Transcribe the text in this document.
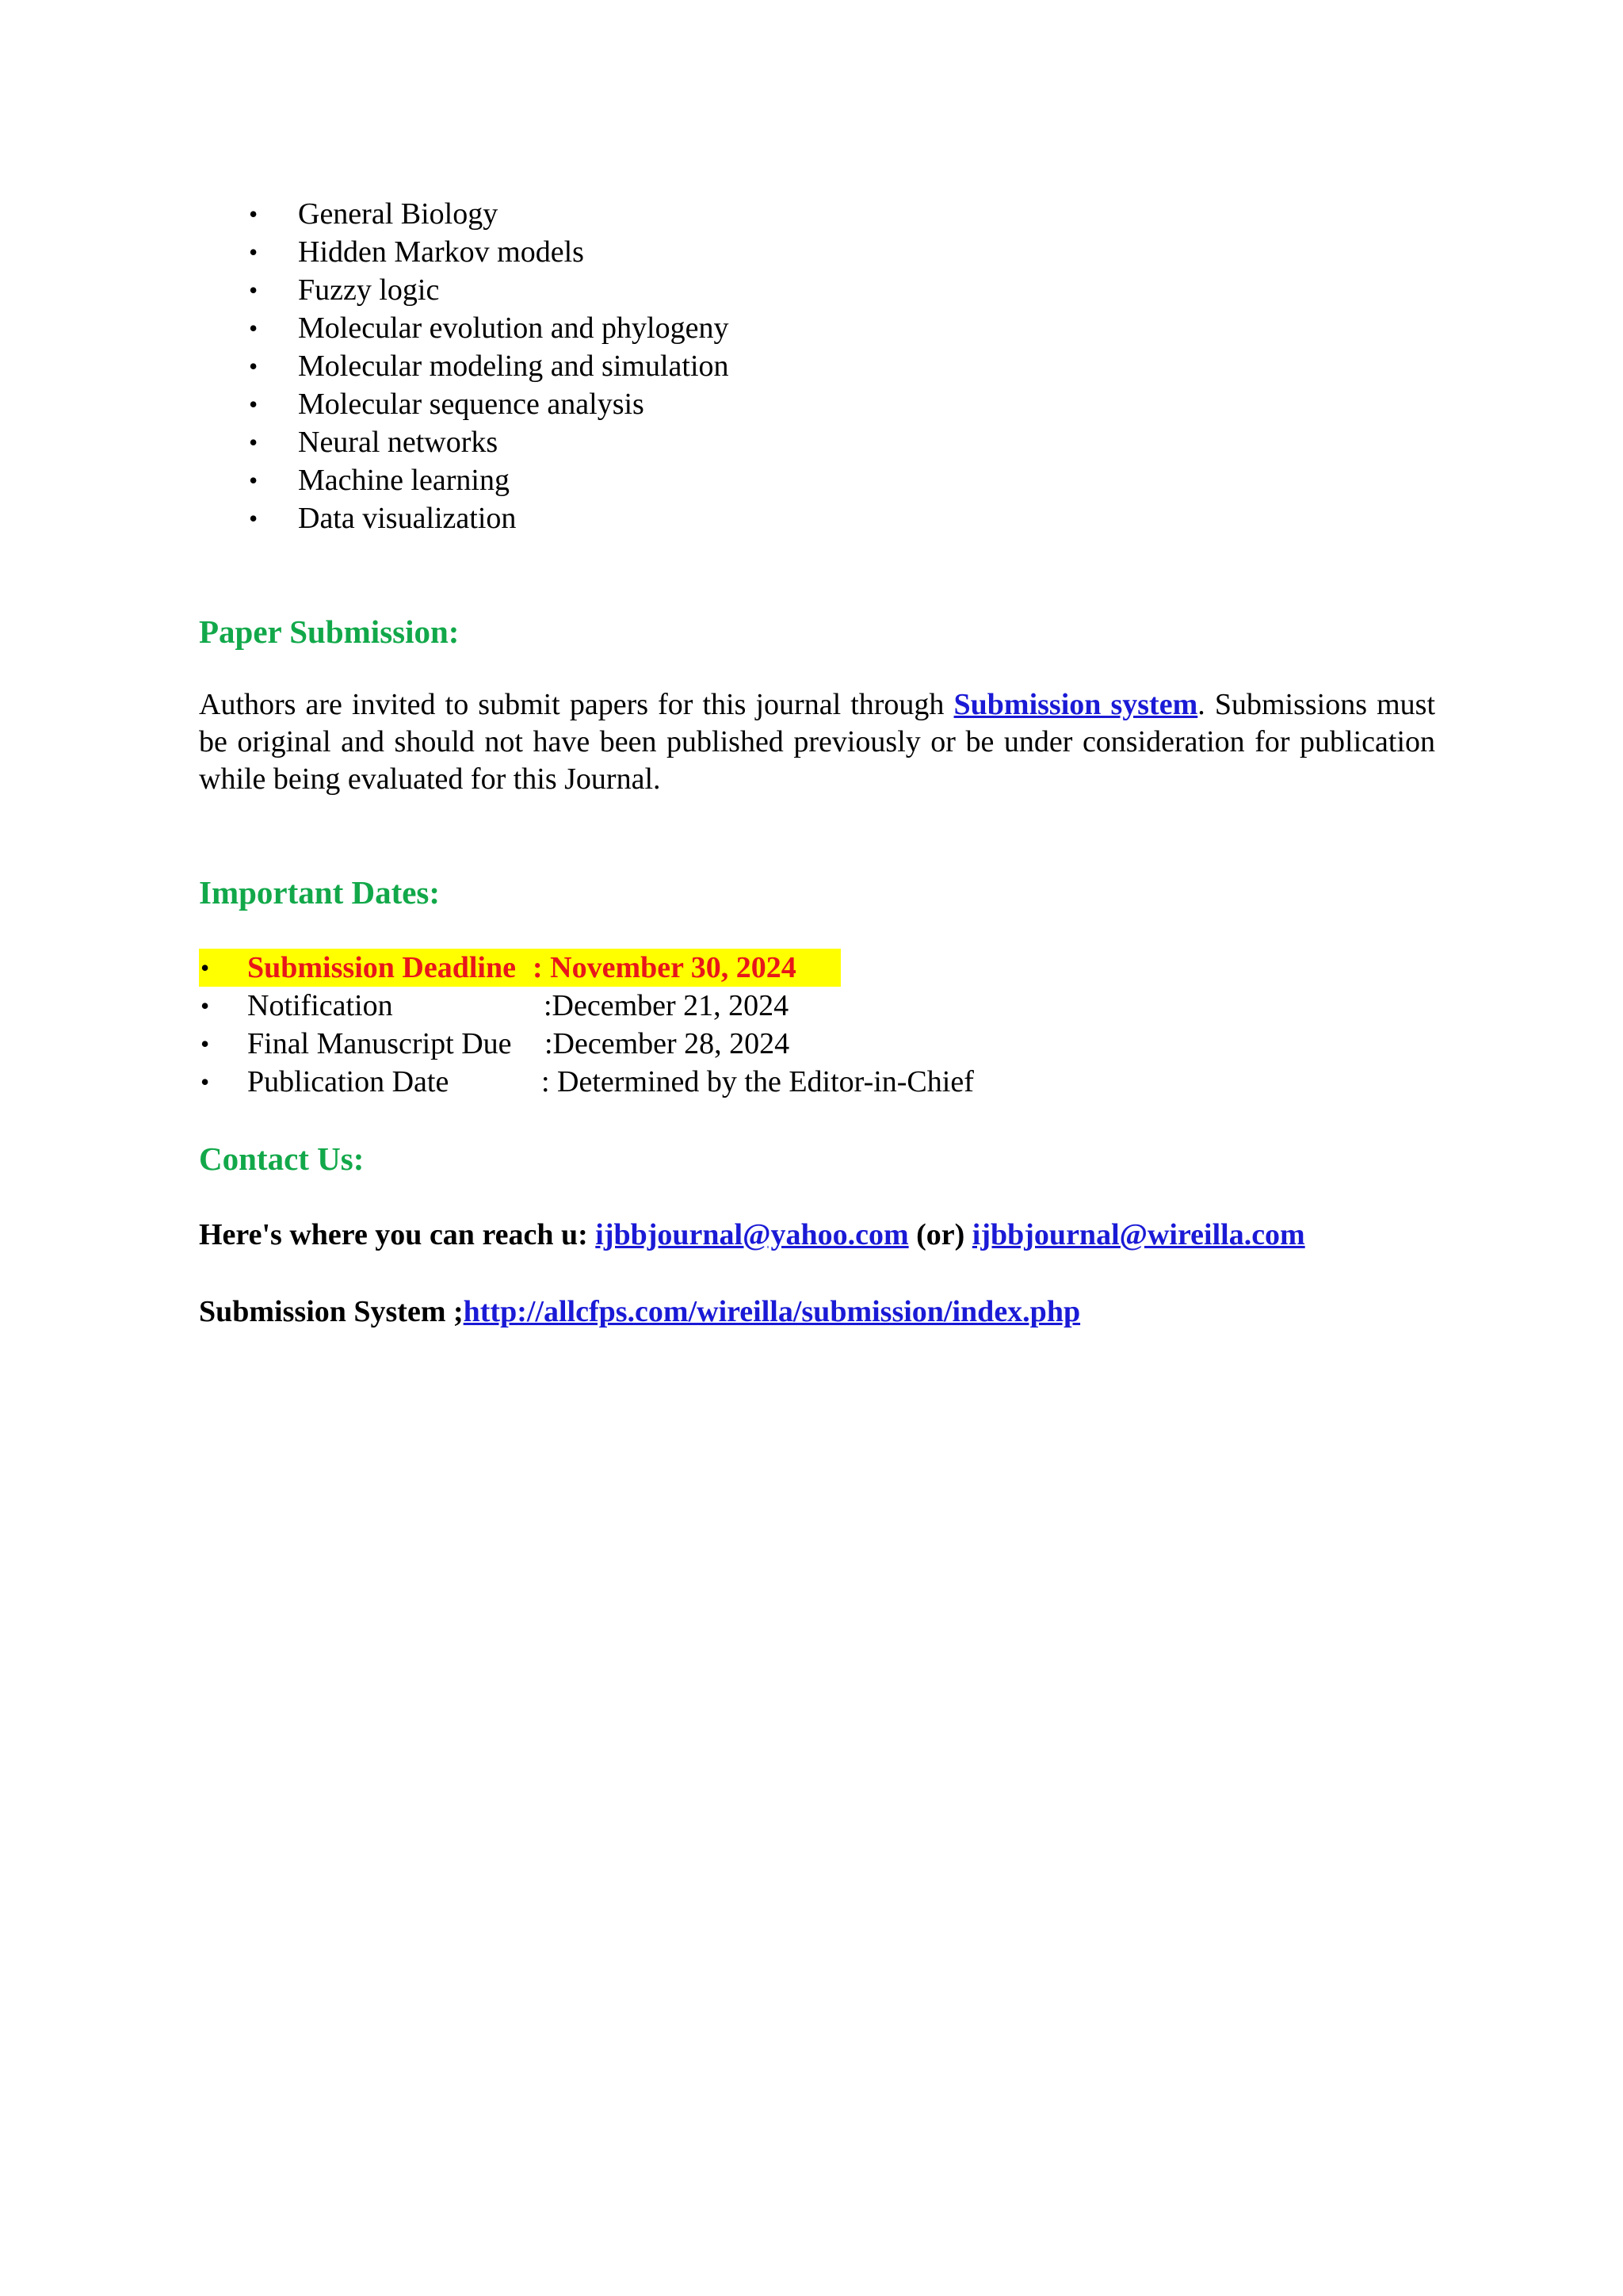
• General Biology
• Hidden Markov models
• Fuzzy logic
• Molecular evolution and phylogeny
• Molecular modeling and simulation
• Molecular sequence analysis
• Neural networks
• Machine learning
• Data visualization
Paper Submission:

Authors are invited to submit papers for this journal through Submission system. Submissions must be original and should not have been published previously or be under consideration for publication while being evaluated for this Journal.

Important Dates:
• Submission Deadline : November 30, 2024
• Notification	:December 21, 2024
• Final Manuscript Due :December 28, 2024
• Publication Date	: Determined by the Editor-in-Chief
Contact Us:
Here's where you can reach u: ijbbjournal@yahoo.com (or) ijbbjournal@wireilla.com
Submission System ;http://allcfps.com/wireilla/submission/index.php
